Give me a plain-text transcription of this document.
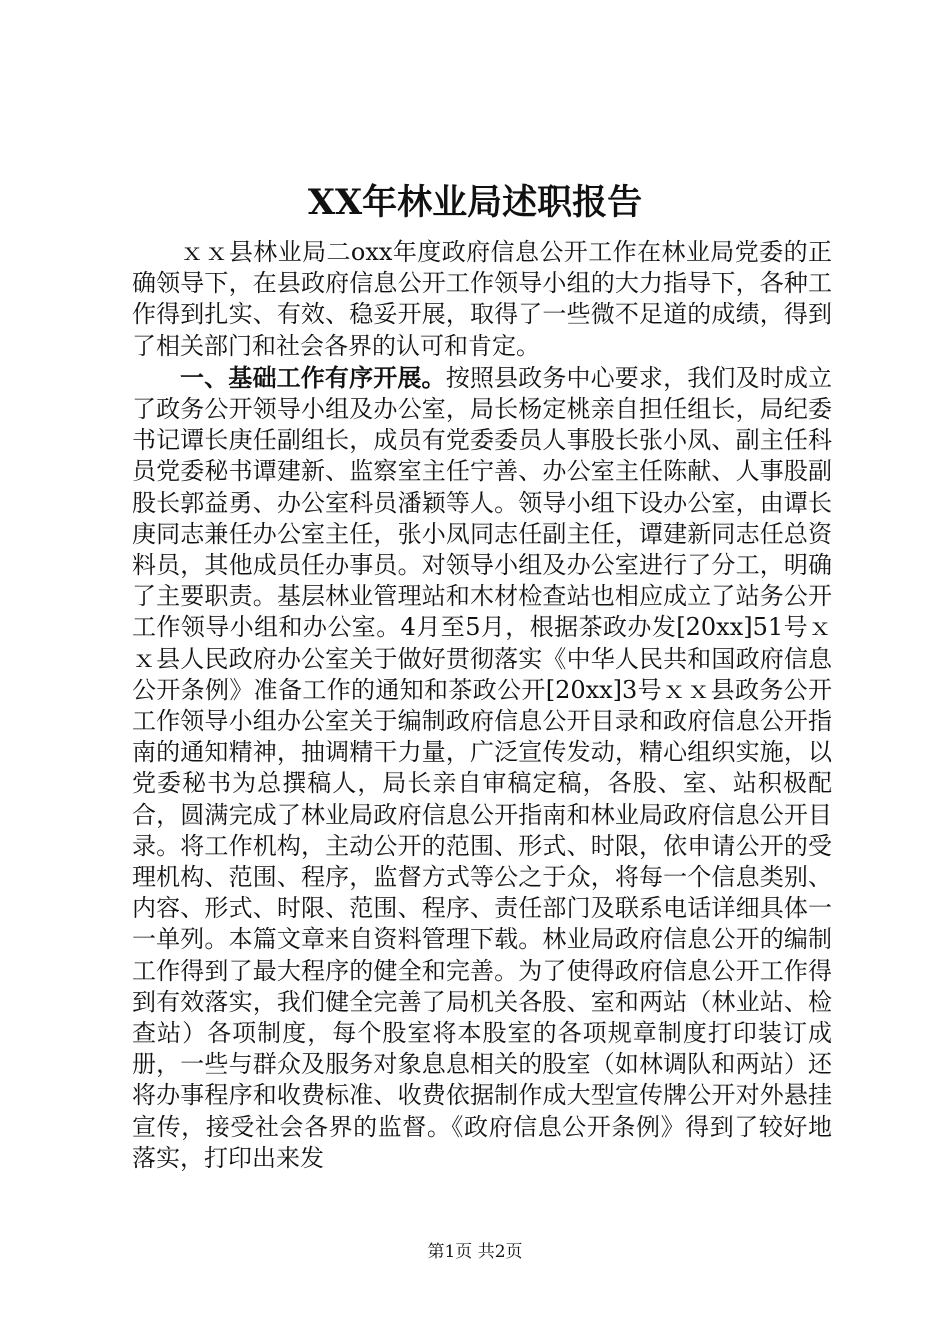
XX年林业局述职报告

ｘｘ县林业局二oxx年度政府信息公开工作在林业局党委的正确领导下，在县政府信息公开工作领导小组的大力指导下，各种工作得到扎实、有效、稳妥开展，取得了一些微不足道的成绩，得到了相关部门和社会各界的认可和肯定。

一、基础工作有序开展。按照县政务中心要求，我们及时成立了政务公开领导小组及办公室，局长杨定桃亲自担任组长，局纪委书记谭长庚任副组长，成员有党委委员人事股长张小凤、副主任科员党委秘书谭建新、监察室主任宁善、办公室主任陈献、人事股副股长郭益勇、办公室科员潘颖等人。领导小组下设办公室，由谭长庚同志兼任办公室主任，张小凤同志任副主任，谭建新同志任总资料员，其他成员任办事员。对领导小组及办公室进行了分工，明确了主要职责。基层林业管理站和木材检查站也相应成立了站务公开工作领导小组和办公室。4月至5月，根据茶政办发[20xx]51号ｘｘ县人民政府办公室关于做好贯彻落实《中华人民共和国政府信息公开条例》准备工作的通知和茶政公开[20xx]3号ｘｘ县政务公开工作领导小组办公室关于编制政府信息公开目录和政府信息公开指南的通知精神，抽调精干力量，广泛宣传发动，精心组织实施，以党委秘书为总撰稿人，局长亲自审稿定稿，各股、室、站积极配合，圆满完成了林业局政府信息公开指南和林业局政府信息公开目录。将工作机构，主动公开的范围、形式、时限，依申请公开的受理机构、范围、程序，监督方式等公之于众，将每一个信息类别、内容、形式、时限、范围、程序、责任部门及联系电话详细具体一一单列。本篇文章来自资料管理下载。林业局政府信息公开的编制工作得到了最大程序的健全和完善。为了使得政府信息公开工作得到有效落实，我们健全完善了局机关各股、室和两站（林业站、检查站）各项制度，每个股室将本股室的各项规章制度打印装订成册，一些与群众及服务对象息息相关的股室（如林调队和两站）还将办事程序和收费标准、收费依据制作成大型宣传牌公开对外悬挂宣传，接受社会各界的监督。《政府信息公开条例》得到了较好地落实，打印出来发

第1页 共2页
